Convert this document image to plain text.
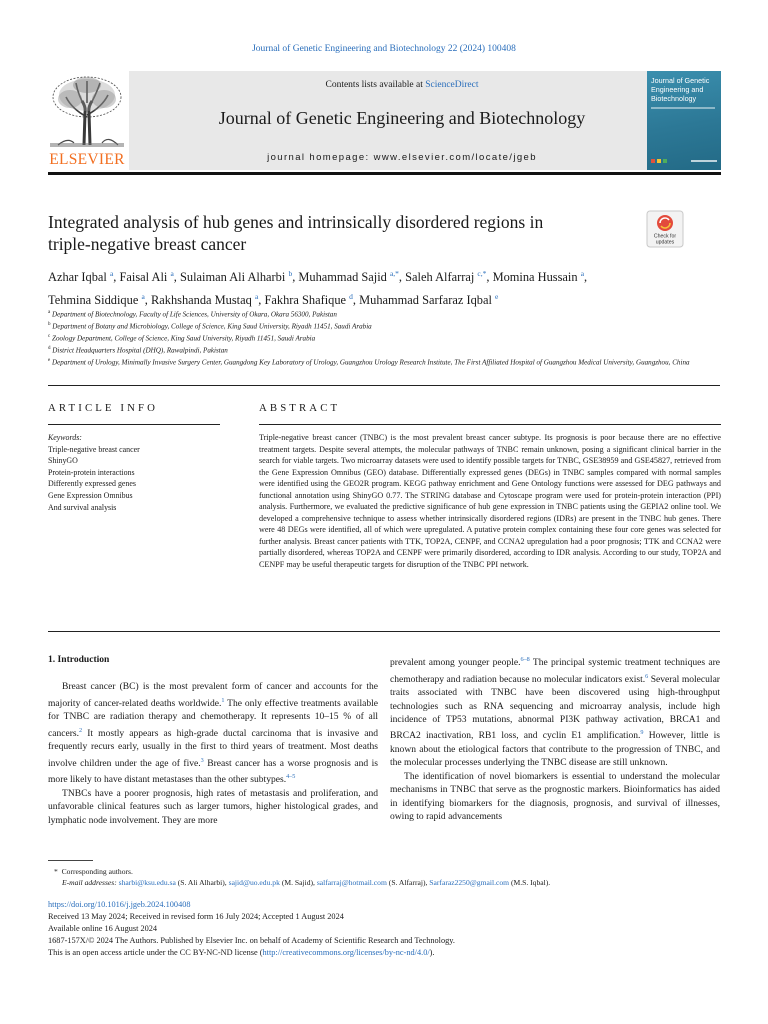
Journal of Genetic Engineering and Biotechnology 22 (2024) 100408
ELSEVIER
Contents lists available at ScienceDirect
Journal of Genetic Engineering and Biotechnology
journal homepage: www.elsevier.com/locate/jgeb
Journal of Genetic Engineering and Biotechnology
Integrated analysis of hub genes and intrinsically disordered regions in
triple-negative breast cancer	Check for
updates
Azhar Iqbal $^a$, Faisal Ali $^a$, Sulaiman Ali Alharbi $^b$, Muhammad Sajid $^{a,*}$, Saleh Alfarraj $^{c,*}$, Momina Hussain $^a$,
Tehmina Siddique $^a$, Rakhshanda Mustaq $^a$, Fakhra Shafique $^d$, Muhammad Sarfaraz Iqbal $^e$
$^a$ Department of Biotechnology, Faculty of Life Sciences, University of Okara, Okara 56300, Pakistan
$^b$ Department of Botany and Microbiology, College of Science, King Saud University, Riyadh 11451, Saudi Arabia
$^c$ Zoology Department, College of Science, King Saud University, Riyadh 11451, Saudi Arabia
$^d$ District Headquarters Hospital (DHQ), Rawalpindi, Pakistan
$^e$ Department of Urology, Minimally Invasive Surgery Center, Guangdong Key Laboratory of Urology, Guangzhou Urology Research Institute, The First Affiliated Hospital of Guangzhou Medical University, Guangzhou, China
ARTICLE INFO	ABSTRACT
Keywords:
Triple-negative breast cancer
ShinyGO
Protein-protein interactions
Differently expressed genes
Gene Expression Omnibus
And survival analysis
Triple-negative breast cancer (TNBC) is the most prevalent breast cancer subtype. Its prognosis is poor because there are no effective treatment targets. Despite several attempts, the molecular pathways of TNBC remain unknown, posing a significant clinical barrier in the search for viable targets. Two microarray datasets were used to identify possible targets for TNBC, GSE38959 and GSE45827, retrieved from the Gene Expression Omnibus (GEO) database. Differentially expressed genes (DEGs) in TNBC samples compared with normal samples were identified using the GEO2R program. KEGG pathway enrichment and Gene Ontology functions were assessed for DEG pathways and functional annotation using ShinyGO 0.77. The STRING database and Cytoscape program were used for protein-protein interaction (PPI) analysis. Furthermore, we evaluated the predictive significance of hub gene expression in TNBC patients using the GEPIA2 online tool. We developed a comprehensive technique to assess whether intrinsically disordered regions (IDRs) are present in the TNBC hub genes. There were 48 DEGs were identified, all of which were upregulated. A putative protein complex containing these four core genes was selected for further analysis. Breast cancer patients with TTK, TOP2A, CENPF, and CCNA2 upregulation had a poor prognosis; TTK and CCNA2 were partially disordered, whereas TOP2A and CENPF were primarily disordered, according to IDR analysis. According to our study, TOP2A and CENPF may be useful therapeutic targets for disruption of the TNBC PPI network.

1. Introduction

Breast cancer (BC) is the most prevalent form of cancer and accounts for the majority of cancer-related deaths worldwide.$^1$ The only effective treatments available for TNBC are radiation therapy and chemotherapy. It represents 10–15 % of all cancers.$^2$ It mostly appears as high-grade ductal carcinoma that is invasive and frequently recurs early, usually in the first to third years of treatment. Most deaths involve children under the age of five.$^3$ Breast cancer has a worse prognosis and is more likely to have distant metastases than the other subtypes.$^{4-5}$

TNBCs have a poorer prognosis, high rates of metastasis and proliferation, and unfavorable clinical features such as larger tumors, higher histological grades, and lymphatic node involvement. They are more

prevalent among younger people.$^{6-8}$ The principal systemic treatment techniques are chemotherapy and radiation because no molecular indicators exist.$^6$ Several molecular traits associated with TNBC have been discovered using high-throughput technologies such as RNA sequencing and microarray analysis, include high incidence of TP53 mutations, abnormal PI3K pathway activation, BRCA1 and BRCA2 inactivation, RB1 loss, and cyclin E1 amplification.$^9$ However, little is known about the etiological factors that contribute to the progression of TNBC, and the molecular processes underlying the TNBC disease are still unknown.

The identification of novel biomarkers is essential to understand the molecular mechanisms in TNBC that serve as the prognostic markers. Bioinformatics has aided in identifying biomarkers for the diagnosis, prognosis, and survival of illnesses, owing to rapid advancements

*  Corresponding authors.
E-mail addresses: sharbi@ksu.edu.sa (S. Ali Alharbi), sajid@uo.edu.pk (M. Sajid), salfarraj@hotmail.com (S. Alfarraj), Sarfaraz2250@gmail.com (M.S. Iqbal).
https://doi.org/10.1016/j.jgeb.2024.100408
Received 13 May 2024; Received in revised form 16 July 2024; Accepted 1 August 2024
Available online 16 August 2024
1687-157X/© 2024 The Authors. Published by Elsevier Inc. on behalf of Academy of Scientific Research and Technology.
This is an open access article under the CC BY-NC-ND license (http://creativecommons.org/licenses/by-nc-nd/4.0/).
